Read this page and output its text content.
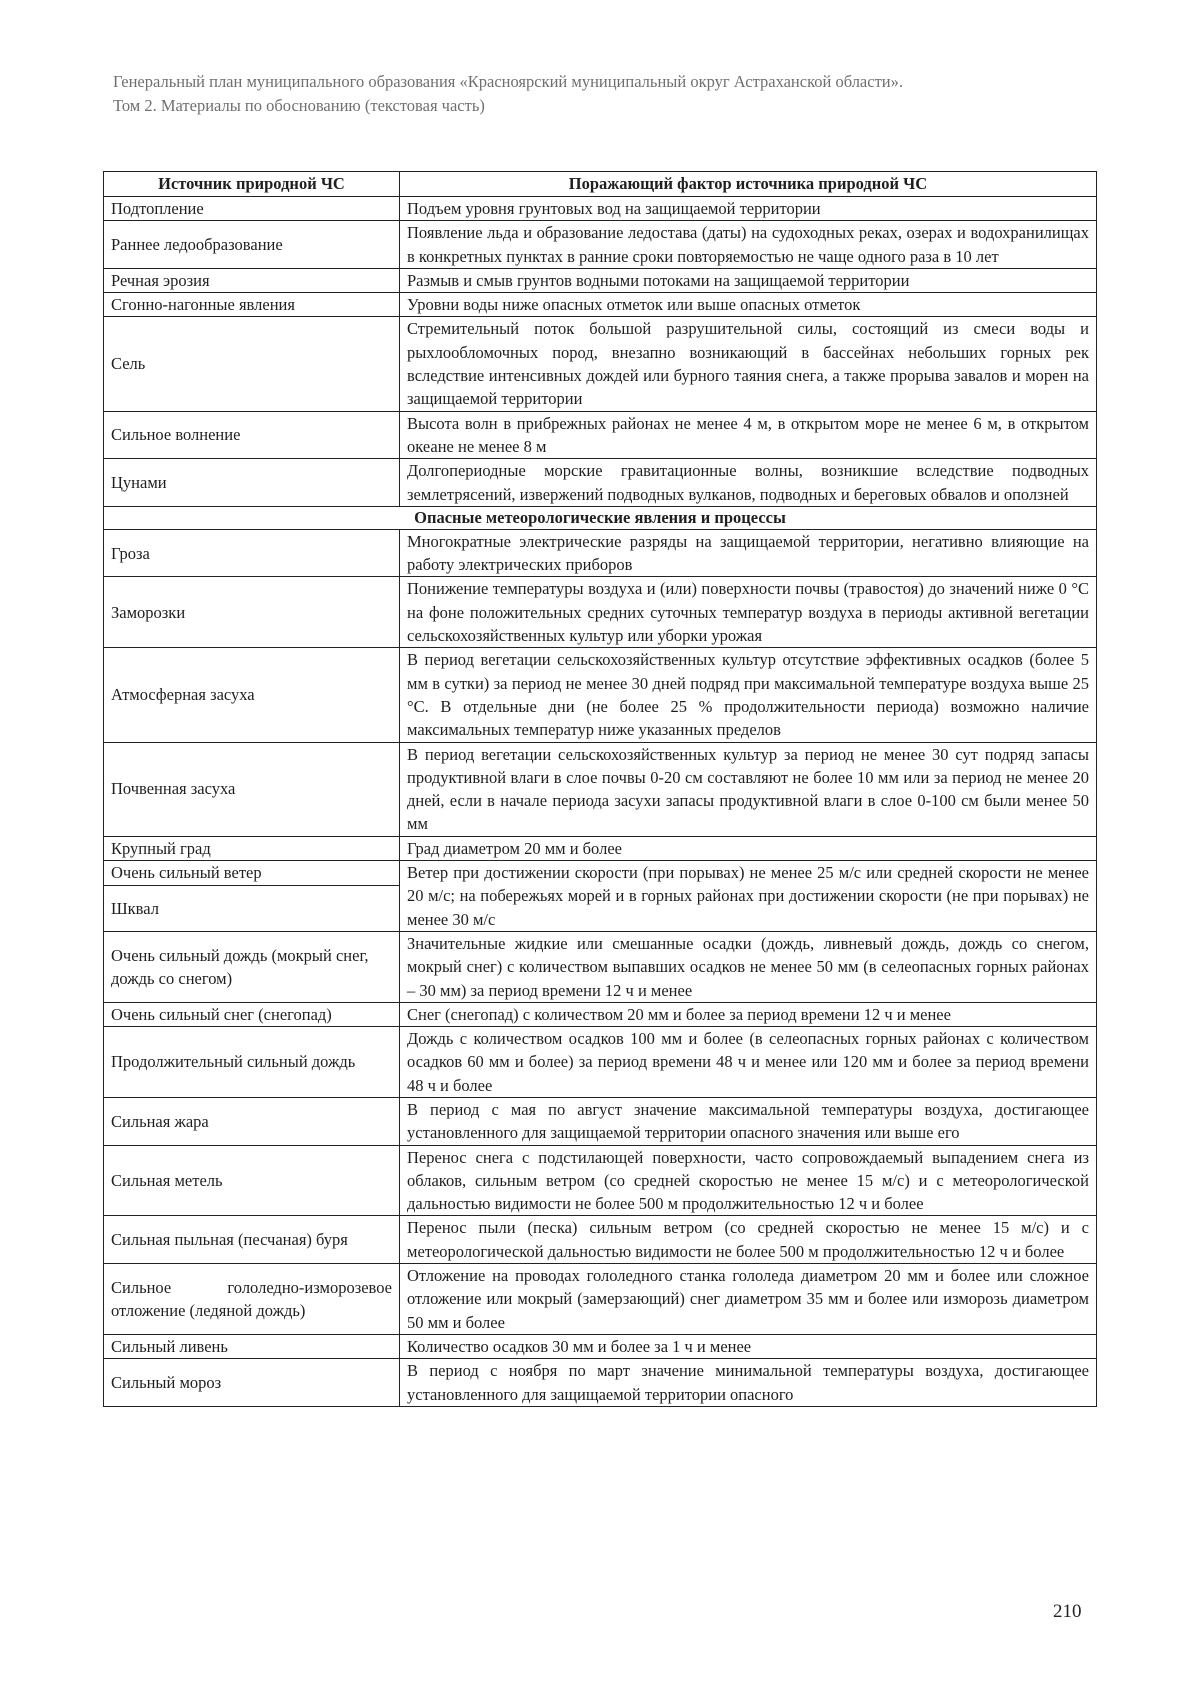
Генеральный план муниципального образования «Красноярский муниципальный округ Астраханской области».
Том 2. Материалы по обоснованию (текстовая часть)
Источник природной ЧС	Поражающий фактор источника природной ЧС
Подтопление	Подъем уровня грунтовых вод на защищаемой территории
Раннее ледообразование	Появление льда и образование ледостава (даты) на судоходных реках, озерах и водохранилищах в конкретных пунктах в ранние сроки повторяемостью не чаще одного раза в 10 лет
Речная эрозия	Размыв и смыв грунтов водными потоками на защищаемой территории
Сгонно-нагонные явления	Уровни воды ниже опасных отметок или выше опасных отметок
Сель	Стремительный поток большой разрушительной силы, состоящий из смеси воды и рыхлообломочных пород, внезапно возникающий в бассейнах небольших горных рек вследствие интенсивных дождей или бурного таяния снега, а также прорыва завалов и морен на защищаемой территории
Сильное волнение	Высота волн в прибрежных районах не менее 4 м, в открытом море не менее 6 м, в открытом океане не менее 8 м
Цунами	Долгопериодные морские гравитационные волны, возникшие вследствие подводных землетрясений, извержений подводных вулканов, подводных и береговых обвалов и оползней
Опасные метеорологические явления и процессы	
Гроза	Многократные электрические разряды на защищаемой территории, негативно влияющие на работу электрических приборов
Заморозки	Понижение температуры воздуха и (или) поверхности почвы (травостоя) до значений ниже 0 °С на фоне положительных средних суточных температур воздуха в периоды активной вегетации сельскохозяйственных культур или уборки урожая
Атмосферная засуха	В период вегетации сельскохозяйственных культур отсутствие эффективных осадков (более 5 мм в сутки) за период не менее 30 дней подряд при максимальной температуре воздуха выше 25 °С. В отдельные дни (не более 25 % продолжительности периода) возможно наличие максимальных температур ниже указанных пределов
Почвенная засуха	В период вегетации сельскохозяйственных культур за период не менее 30 сут подряд запасы продуктивной влаги в слое почвы 0-20 см составляют не более 10 мм или за период не менее 20 дней, если в начале периода засухи запасы продуктивной влаги в слое 0-100 см были менее 50 мм
Крупный град	Град диаметром 20 мм и более
Очень сильный ветер	Ветер при достижении скорости (при порывах) не менее 25 м/с или средней скорости не менее 20 м/с; на побережьях морей и в горных районах при достижении скорости (не при порывах) не менее 30 м/с
Шквал	
Очень сильный дождь (мокрый снег, дождь со снегом)	Значительные жидкие или смешанные осадки (дождь, ливневый дождь, дождь со снегом, мокрый снег) с количеством выпавших осадков не менее 50 мм (в селеопасных горных районах – 30 мм) за период времени 12 ч и менее
Очень сильный снег (снегопад)	Снег (снегопад) с количеством 20 мм и более за период времени 12 ч и менее
Продолжительный сильный дождь	Дождь с количеством осадков 100 мм и более (в селеопасных горных районах с количеством осадков 60 мм и более) за период времени 48 ч и менее или 120 мм и более за период времени 48 ч и более
Сильная жара	В период с мая по август значение максимальной температуры воздуха, достигающее установленного для защищаемой территории опасного значения или выше его
Сильная метель	Перенос снега с подстилающей поверхности, часто сопровождаемый выпадением снега из облаков, сильным ветром (со средней скоростью не менее 15 м/с) и с метеорологической дальностью видимости не более 500 м продолжительностью 12 ч и более
Сильная пыльная (песчаная) буря	Перенос пыли (песка) сильным ветром (со средней скоростью не менее 15 м/с) и с метеорологической дальностью видимости не более 500 м продолжительностью 12 ч и более
Сильное гололедно-изморозевое отложение (ледяной дождь)	Отложение на проводах гололедного станка гололеда диаметром 20 мм и более или сложное отложение или мокрый (замерзающий) снег диаметром 35 мм и более или изморозь диаметром 50 мм и более
Сильный ливень	Количество осадков 30 мм и более за 1 ч и менее
Сильный мороз	В период с ноября по март значение минимальной температуры воздуха, достигающее установленного для защищаемой территории опасного
210
